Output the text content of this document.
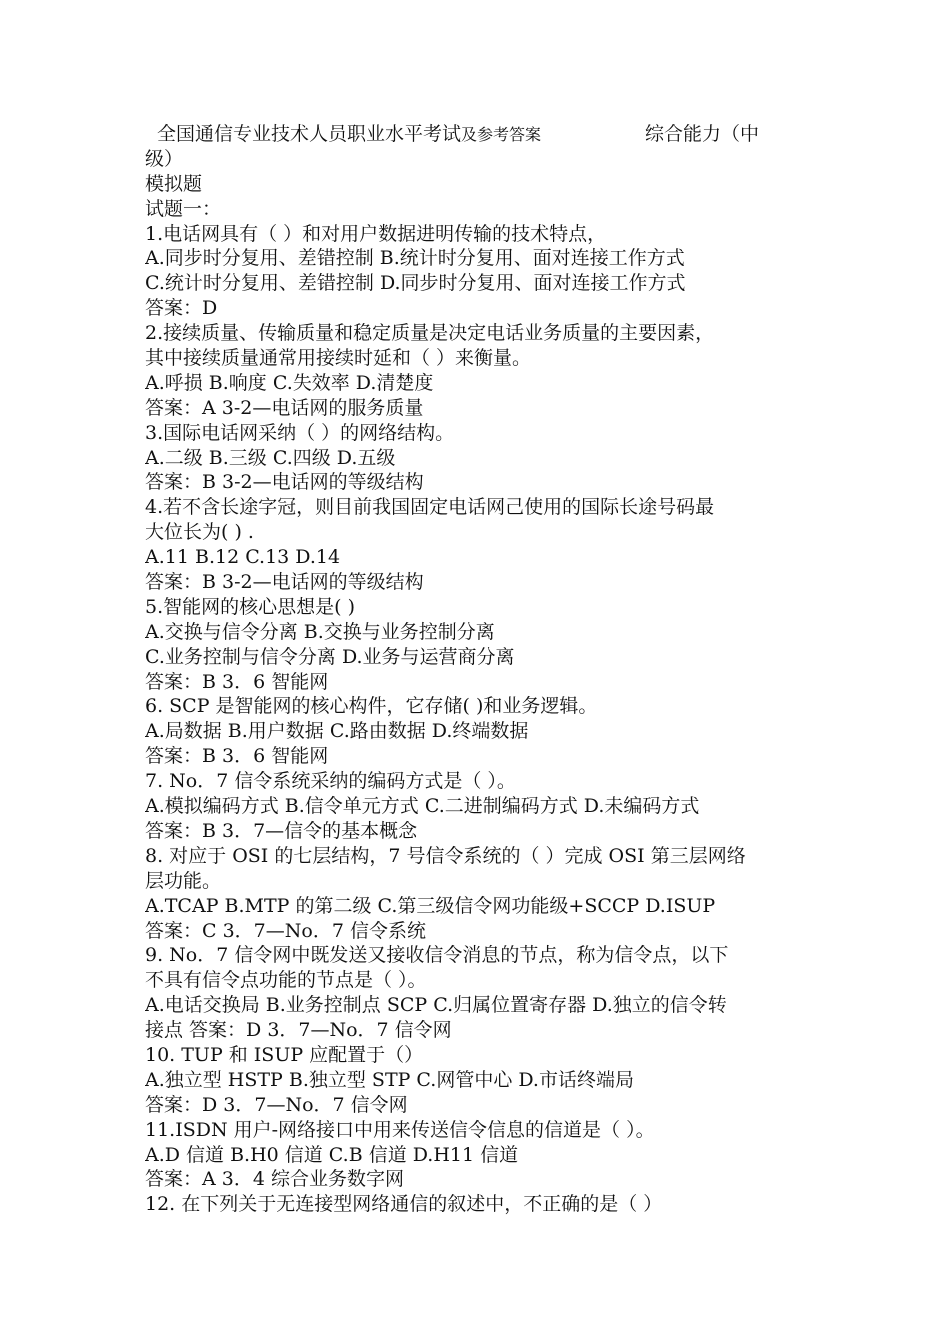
全国通信专业技术人员职业水平考试及参考答案	综合能力（中
级）
模拟题
试题一：
1.电话网具有（ ）和对用户数据进明传输的技术特点，
A.同步时分复用、差错控制 B.统计时分复用、面对连接工作方式
C.统计时分复用、差错控制 D.同步时分复用、面对连接工作方式
答案：D
2.接续质量、传输质量和稳定质量是决定电话业务质量的主要因素，
其中接续质量通常用接续时延和（ ）来衡量。
A.呼损 B.响度 C.失效率 D.清楚度
答案：A 3-2—电话网的服务质量
3.国际电话网采纳（ ）的网络结构。
A.二级 B.三级 C.四级 D.五级
答案：B 3-2—电话网的等级结构
4.若不含长途字冠，则目前我国固定电话网己使用的国际长途号码最
大位长为( ) .
A.11 B.12 C.13 D.14
答案：B 3-2—电话网的等级结构
5.智能网的核心思想是( )
A.交换与信令分离 B.交换与业务控制分离
C.业务控制与信令分离 D.业务与运营商分离
答案：B 3．6 智能网
6. SCP 是智能网的核心构件，它存储( )和业务逻辑。
A.局数据 B.用户数据 C.路由数据 D.终端数据
答案：B 3．6 智能网
7. No．7 信令系统采纳的编码方式是（ ）。
A.模拟编码方式 B.信令单元方式 C.二进制编码方式 D.未编码方式
答案：B 3．7—信令的基本概念
8. 对应于 OSI 的七层结构，7 号信令系统的（ ）完成 OSI 第三层网络
层功能。
A.TCAP B.MTP 的第二级 C.第三级信令网功能级+SCCP D.ISUP
答案：C 3．7—No．7 信令系统
9. No．7 信令网中既发送又接收信令消息的节点，称为信令点，以下
不具有信令点功能的节点是（ ）。
A.电话交换局 B.业务控制点 SCP C.归属位置寄存器 D.独立的信令转
接点 答案：D 3．7—No．7 信令网
10. TUP 和 ISUP 应配置于（）
A.独立型 HSTP B.独立型 STP C.网管中心 D.市话终端局
答案：D 3．7—No．7 信令网
11.ISDN 用户-网络接口中用来传送信令信息的信道是（ ）。
A.D 信道 B.H0 信道 C.B 信道 D.H11 信道
答案：A 3．4 综合业务数字网
12. 在下列关于无连接型网络通信的叙述中，不正确的是（ ）
